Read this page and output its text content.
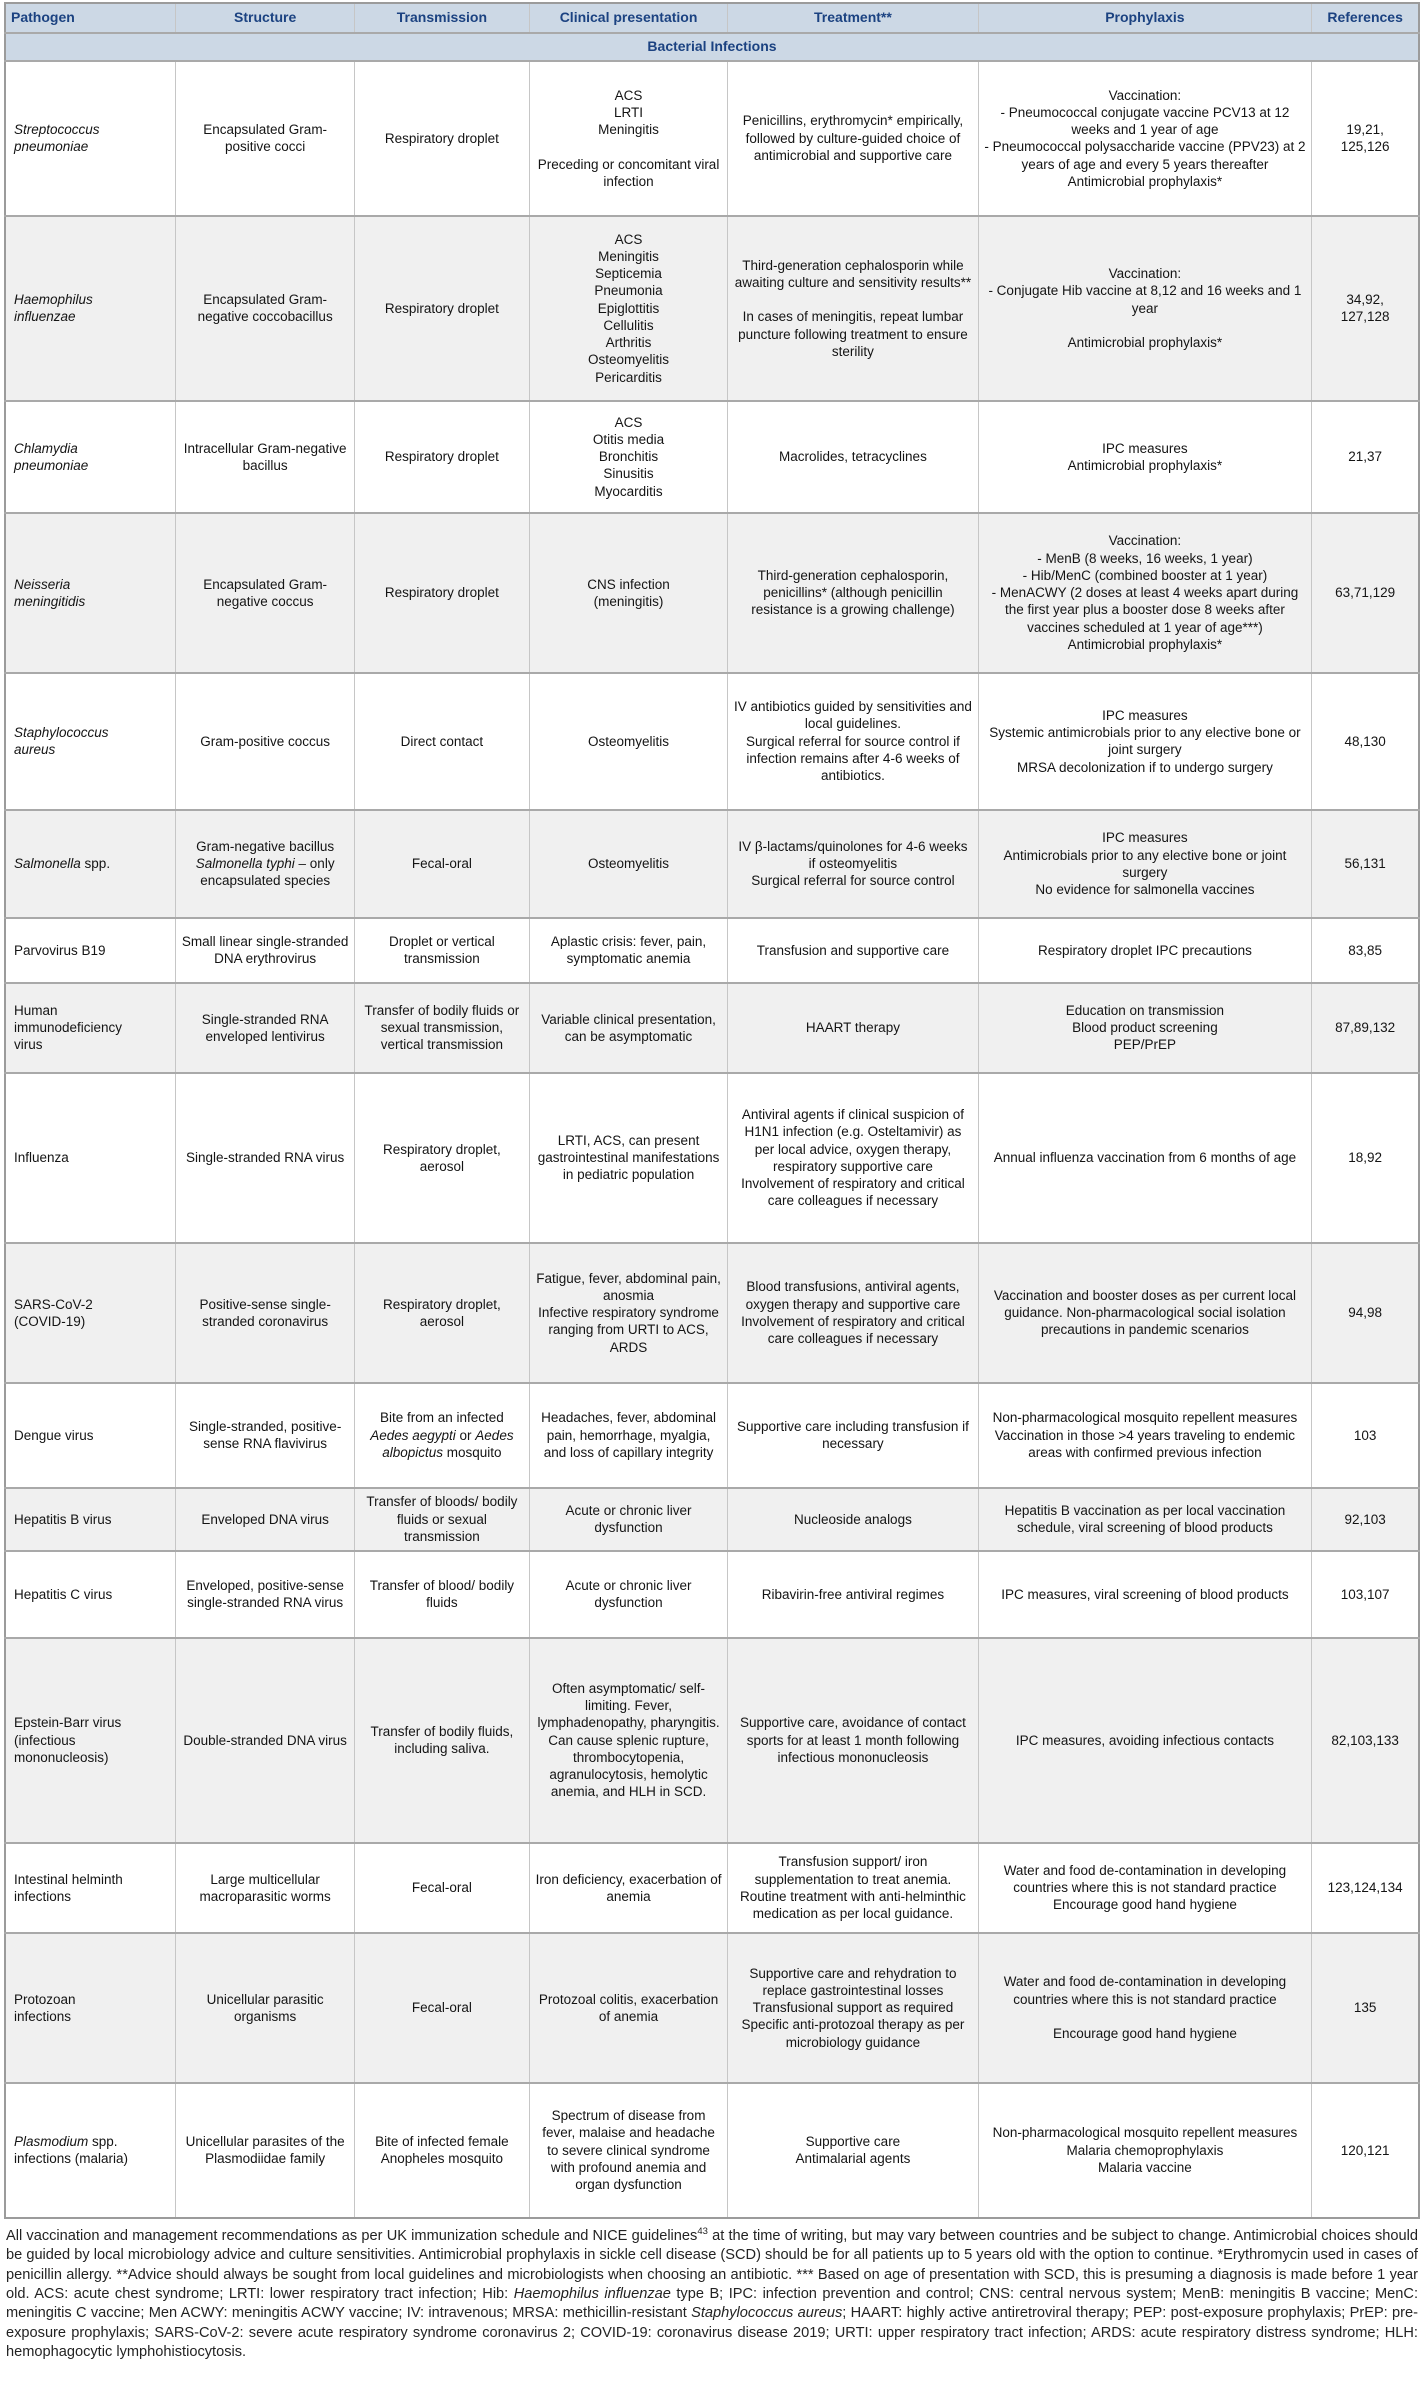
Pathogen	Structure	Transmission	Clinical presentation	Treatment**	Prophylaxis	References
Bacterial Infections						
Streptococcus
pneumoniae	Encapsulated Gram-positive cocci	Respiratory droplet	ACS
LRTI
Meningitis

Preceding or concomitant viral infection	Penicillins, erythromycin* empirically, followed by culture-guided choice of antimicrobial and supportive care	Vaccination:
- Pneumococcal conjugate vaccine PCV13 at 12 weeks and 1 year of age
- Pneumococcal polysaccharide vaccine (PPV23) at 2 years of age and every 5 years thereafter
Antimicrobial prophylaxis*	19,21,
125,126
Haemophilus
influenzae	Encapsulated Gram-negative coccobacillus	Respiratory droplet	ACS
Meningitis
Septicemia
Pneumonia
Epiglottitis
Cellulitis
Arthritis
Osteomyelitis
Pericarditis	Third-generation cephalosporin while awaiting culture and sensitivity results**

In cases of meningitis, repeat lumbar puncture following treatment to ensure sterility	Vaccination:
- Conjugate Hib vaccine at 8,12 and 16 weeks and 1 year

Antimicrobial prophylaxis*	34,92,
127,128
Chlamydia
pneumoniae	Intracellular Gram-negative bacillus	Respiratory droplet	ACS
Otitis media
Bronchitis
Sinusitis
Myocarditis	Macrolides, tetracyclines	IPC measures
Antimicrobial prophylaxis*	21,37
Neisseria
meningitidis	Encapsulated Gram-negative coccus	Respiratory droplet	CNS infection
(meningitis)	Third-generation cephalosporin, penicillins* (although penicillin resistance is a growing challenge)	Vaccination:
- MenB (8 weeks, 16 weeks, 1 year)
- Hib/MenC (combined booster at 1 year)
- MenACWY (2 doses at least 4 weeks apart during the first year plus a booster dose 8 weeks after vaccines scheduled at 1 year of age***)
Antimicrobial prophylaxis*	63,71,129
Staphylococcus
aureus	Gram-positive coccus	Direct contact	Osteomyelitis	IV antibiotics guided by sensitivities and local guidelines.
Surgical referral for source control if infection remains after 4-6 weeks of antibiotics.	IPC measures
Systemic antimicrobials prior to any elective bone or joint surgery
MRSA decolonization if to undergo surgery	48,130
Salmonella spp.	Gram-negative bacillus
Salmonella typhi – only encapsulated species	Fecal-oral	Osteomyelitis	IV β-lactams/quinolones for 4-6 weeks if osteomyelitis
Surgical referral for source control	IPC measures
Antimicrobials prior to any elective bone or joint surgery
No evidence for salmonella vaccines	56,131
Parvovirus B19	Small linear single-stranded DNA erythrovirus	Droplet or vertical transmission	Aplastic crisis: fever, pain, symptomatic anemia	Transfusion and supportive care	Respiratory droplet IPC precautions	83,85
Human
immunodeficiency
virus	Single-stranded RNA enveloped lentivirus	Transfer of bodily fluids or sexual transmission, vertical transmission	Variable clinical presentation, can be asymptomatic	HAART therapy	Education on transmission
Blood product screening
PEP/PrEP	87,89,132
Influenza	Single-stranded RNA virus	Respiratory droplet, aerosol	LRTI, ACS, can present gastrointestinal manifestations in pediatric population	Antiviral agents if clinical suspicion of H1N1 infection (e.g. Osteltamivir) as per local advice, oxygen therapy, respiratory supportive care
Involvement of respiratory and critical care colleagues if necessary	Annual influenza vaccination from 6 months of age	18,92
SARS-CoV-2
(COVID-19)	Positive-sense single-stranded coronavirus	Respiratory droplet, aerosol	Fatigue, fever, abdominal pain, anosmia
Infective respiratory syndrome ranging from URTI to ACS, ARDS	Blood transfusions, antiviral agents, oxygen therapy and supportive care
Involvement of respiratory and critical care colleagues if necessary	Vaccination and booster doses as per current local guidance. Non-pharmacological social isolation precautions in pandemic scenarios	94,98
Dengue virus	Single-stranded, positive-sense RNA flavivirus	Bite from an infected Aedes aegypti or Aedes albopictus mosquito	Headaches, fever, abdominal pain, hemorrhage, myalgia, and loss of capillary integrity	Supportive care including transfusion if necessary	Non-pharmacological mosquito repellent measures
Vaccination in those >4 years traveling to endemic areas with confirmed previous infection	103
Hepatitis B virus	Enveloped DNA virus	Transfer of bloods/ bodily fluids or sexual transmission	Acute or chronic liver dysfunction	Nucleoside analogs	Hepatitis B vaccination as per local vaccination schedule, viral screening of blood products	92,103
Hepatitis C virus	Enveloped, positive-sense single-stranded RNA virus	Transfer of blood/ bodily fluids	Acute or chronic liver dysfunction	Ribavirin-free antiviral regimes	IPC measures, viral screening of blood products	103,107
Epstein-Barr virus
(infectious
mononucleosis)	Double-stranded DNA virus	Transfer of bodily fluids, including saliva.	Often asymptomatic/ self-limiting. Fever, lymphadenopathy, pharyngitis.
Can cause splenic rupture, thrombocytopenia, agranulocytosis, hemolytic anemia, and HLH in SCD.	Supportive care, avoidance of contact sports for at least 1 month following infectious mononucleosis	IPC measures, avoiding infectious contacts	82,103,133
Intestinal helminth
infections	Large multicellular macroparasitic worms	Fecal-oral	Iron deficiency, exacerbation of anemia	Transfusion support/ iron supplementation to treat anemia. Routine treatment with anti-helminthic medication as per local guidance.	Water and food de-contamination in developing countries where this is not standard practice
Encourage good hand hygiene	123,124,134
Protozoan
infections	Unicellular parasitic organisms	Fecal-oral	Protozoal colitis, exacerbation of anemia	Supportive care and rehydration to replace gastrointestinal losses
Transfusional support as required
Specific anti-protozoal therapy as per microbiology guidance	Water and food de-contamination in developing countries where this is not standard practice

Encourage good hand hygiene	135
Plasmodium spp.
infections (malaria)	Unicellular parasites of the Plasmodiidae family	Bite of infected female Anopheles mosquito	Spectrum of disease from fever, malaise and headache to severe clinical syndrome with profound anemia and organ dysfunction	Supportive care
Antimalarial agents	Non-pharmacological mosquito repellent measures
Malaria chemoprophylaxis
Malaria vaccine	120,121
All vaccination and management recommendations as per UK immunization schedule and NICE guidelines$^{43}$ at the time of writing, but may vary between countries and be subject to change. Antimicrobial choices should be guided by local microbiology advice and culture sensitivities. Antimicrobial prophylaxis in sickle cell disease (SCD) should be for all patients up to 5 years old with the option to continue. *Erythromycin used in cases of penicillin allergy. **Advice should always be sought from local guidelines and microbiologists when choosing an antibiotic. *** Based on age of presentation with SCD, this is presuming a diagnosis is made before 1 year old. ACS: acute chest syndrome; LRTI: lower respiratory tract infection; Hib: Haemophilus influenzae type B; IPC: infection prevention and control; CNS: central nervous system; MenB: meningitis B vaccine; MenC: meningitis C vaccine; Men ACWY: meningitis ACWY vaccine; IV: intravenous; MRSA: methicillin-resistant Staphylococcus aureus; HAART: highly active antiretroviral therapy; PEP: post-exposure prophylaxis; PrEP: pre-exposure prophylaxis; SARS-CoV-2: severe acute respiratory syndrome coronavirus 2; COVID-19: coronavirus disease 2019; URTI: upper respiratory tract infection; ARDS: acute respiratory distress syndrome; HLH: hemophagocytic lymphohistiocytosis.
